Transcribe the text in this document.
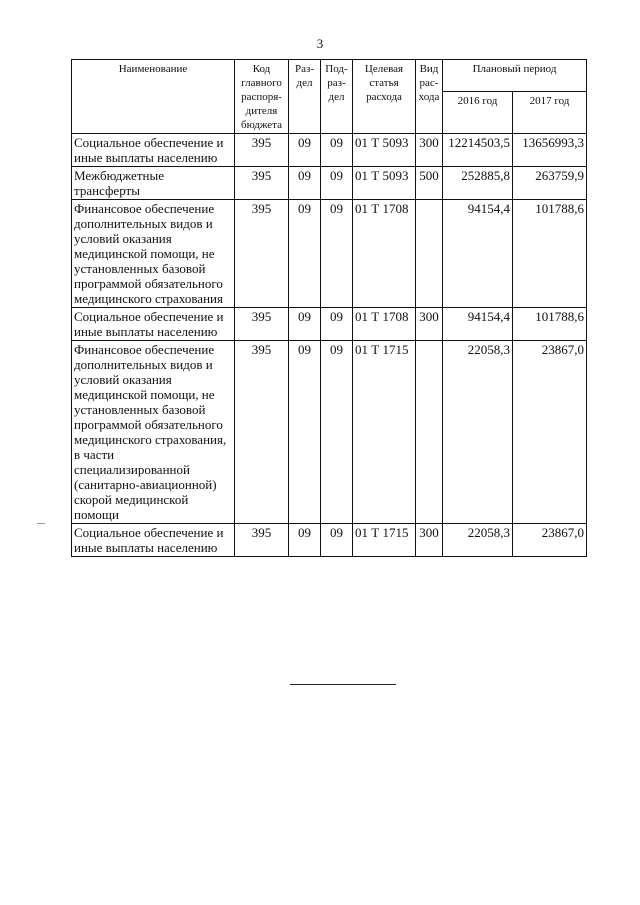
3
Наименование	Код главного распоря- дителя бюджета	Раз- дел	Под- раз- дел	Целевая статья расхода	Вид рас- хода	Плановый период	
						2016 год	2017 год
Социальное обеспечение и иные выплаты населению	395	09	09	01 Т 5093	300	12214503,5	13656993,3
Межбюджетные трансферты	395	09	09	01 Т 5093	500	252885,8	263759,9
Финансовое обеспечение дополнительных видов и условий оказания медицинской помощи, не установленных базовой программой обязательного медицинского страхования	395	09	09	01 Т 1708		94154,4	101788,6
Социальное обеспечение и иные выплаты населению	395	09	09	01 Т 1708	300	94154,4	101788,6
Финансовое обеспечение дополнительных видов и условий оказания медицинской помощи, не установленных базовой программой обязательного медицинского страхования, в части специализированной (санитарно-авиационной) скорой медицинской помощи	395	09	09	01 Т 1715		22058,3	23867,0
Социальное обеспечение и иные выплаты населению	395	09	09	01 Т 1715	300	22058,3	23867,0
